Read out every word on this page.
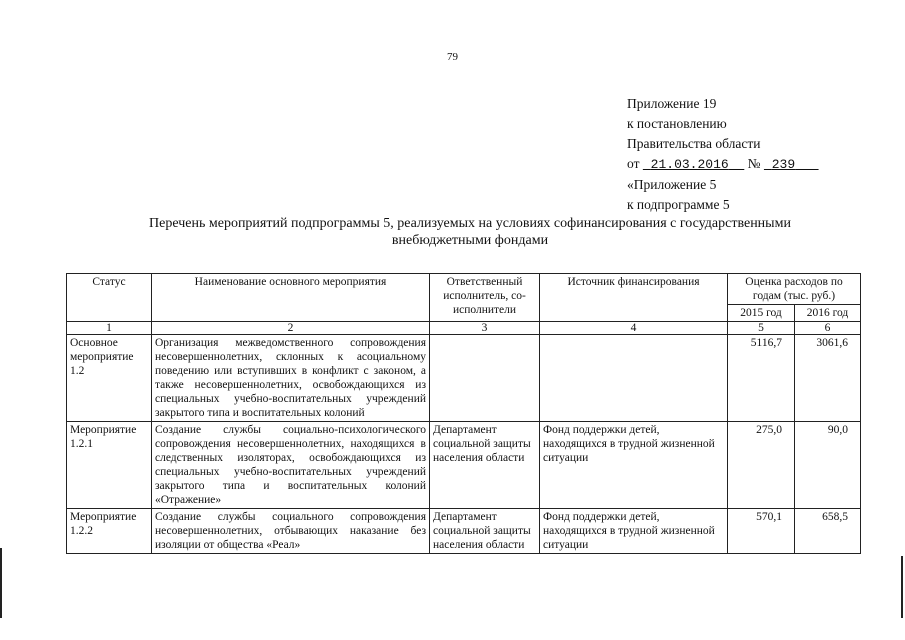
79
Приложение 19
к постановлению
Правительства области
от 21.03.2016 № 239
«Приложение 5
к подпрограмме 5
Перечень мероприятий подпрограммы 5, реализуемых на условиях софинансирования с государственными
внебюджетными фондами
Статус	Наименование основного мероприятия	Ответственный исполнитель, со-исполнители	Источник финансирования	Оценка расходов по годам (тыс. руб.)	
				2015 год	2016 год
1	2	3	4	5	6
Основное мероприятие 1.2	Организация межведомственного сопровождения несовершеннолетних, склонных к асоциальному поведению или вступивших в конфликт с законом, а также несовершеннолетних, освобождающихся из специальных учебно-воспитательных учреждений закрытого типа и воспитательных колоний			5116,7	3061,6
Мероприятие 1.2.1	Создание службы социально-психологического сопровождения несовершеннолетних, находящихся в следственных изоляторах, освобождающихся из специальных учебно-воспитательных учреждений закрытого типа и воспитательных колоний «Отражение»	Департамент социальной защиты населения области	Фонд поддержки детей, находящихся в трудной жизненной ситуации	275,0	90,0
Мероприятие 1.2.2	Создание службы социального сопровождения несовершеннолетних, отбывающих наказание без изоляции от общества «Реал»	Департамент социальной защиты населения области	Фонд поддержки детей, находящихся в трудной жизненной ситуации	570,1	658,5
